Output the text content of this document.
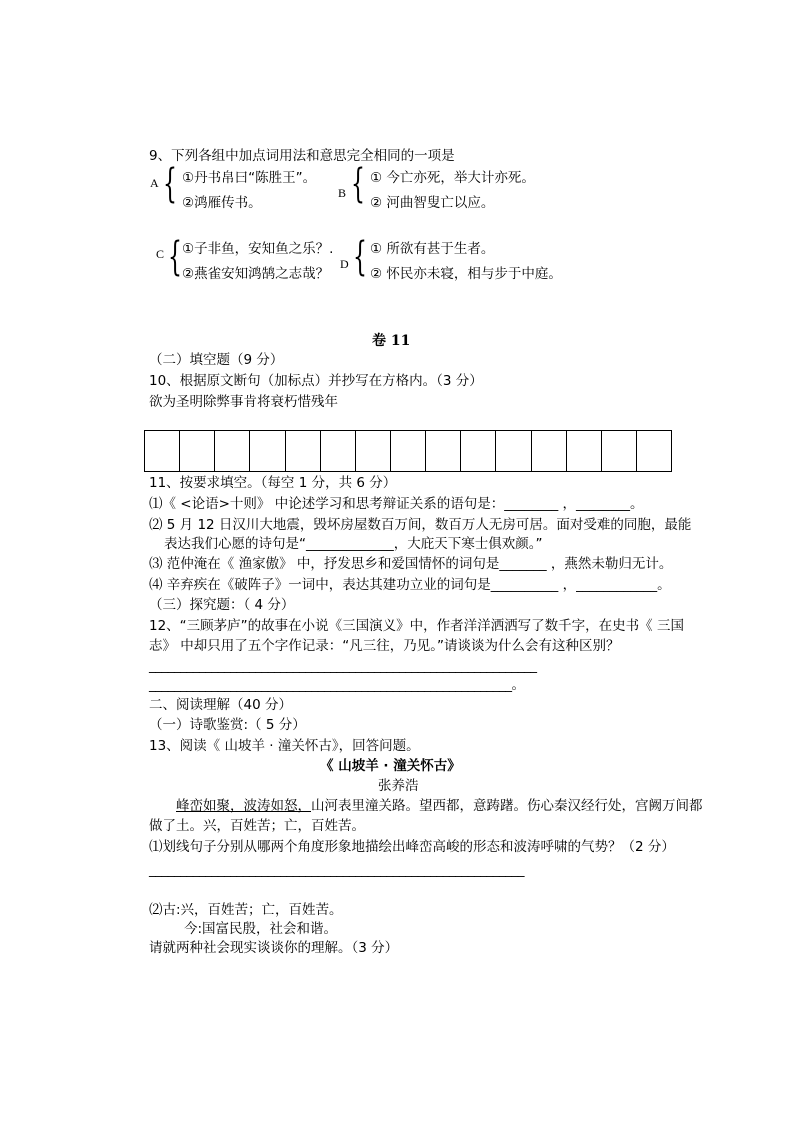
9、下列各组中加点词用法和意思完全相同的一项是
A { ①丹书帛曰“陈胜王”。
②鸿雁传书。
B { ① 今亡亦死，举大计亦死。
② 河曲智叟亡以应。
C { ①子非鱼，安知鱼之乐？.
②燕雀安知鸿鹄之志哉？
D { ① 所欲有甚于生者。
② 怀民亦未寝，相与步于中庭。
卷 11
（二）填空题（9 分）
10、根据原文断句（加标点）并抄写在方格内。（3 分）
欲为圣明除弊事肯将衰朽惜残年
11、按要求填空。（每空 1 分，共 6 分）
⑴《 <论语>十则》 中论述学习和思考辩证关系的语句是：________ ，________。
⑵ 5 月 12 日汉川大地震，毁坏房屋数百万间，数百万人无房可居。面对受难的同胞，最能
表达我们心愿的诗句是“_____________，大庇天下寒士俱欢颜。”
⑶ 范仲淹在《 渔家傲》 中，抒发思乡和爱国情怀的词句是_______ ，燕然未勒归无计。
⑷ 辛弃疾在《破阵子》一词中，表达其建功立业的词句是__________ ，____________。
（三）探究题：（ 4 分）
12、“三顾茅庐”的故事在小说《三国演义》中，作者洋洋洒洒写了数千字，在史书《 三国
志》 中却只用了五个字作记录：“凡三往，乃见。”请谈谈为什么会有这种区别？
______________________________________________________________
__________________________________________________________。
二、阅读理解（40 分）
（一）诗歌鉴赏:（ 5 分）
13、阅读《 山坡羊 · 潼关怀古》，回答问题。
《 山坡羊 · 潼关怀古》
张养浩
峰峦如聚，波涛如怒，山河表里潼关路。望西都，意踌躇。伤心秦汉经行处，宫阙万间都
做了土。兴，百姓苦；亡，百姓苦。
⑴划线句子分别从哪两个角度形象地描绘出峰峦高峻的形态和波涛呼啸的气势？（2 分）
____________________________________________________________
⑵古:兴，百姓苦；亡，百姓苦。
今:国富民殷，社会和谐。
请就两种社会现实谈谈你的理解。（3 分）
